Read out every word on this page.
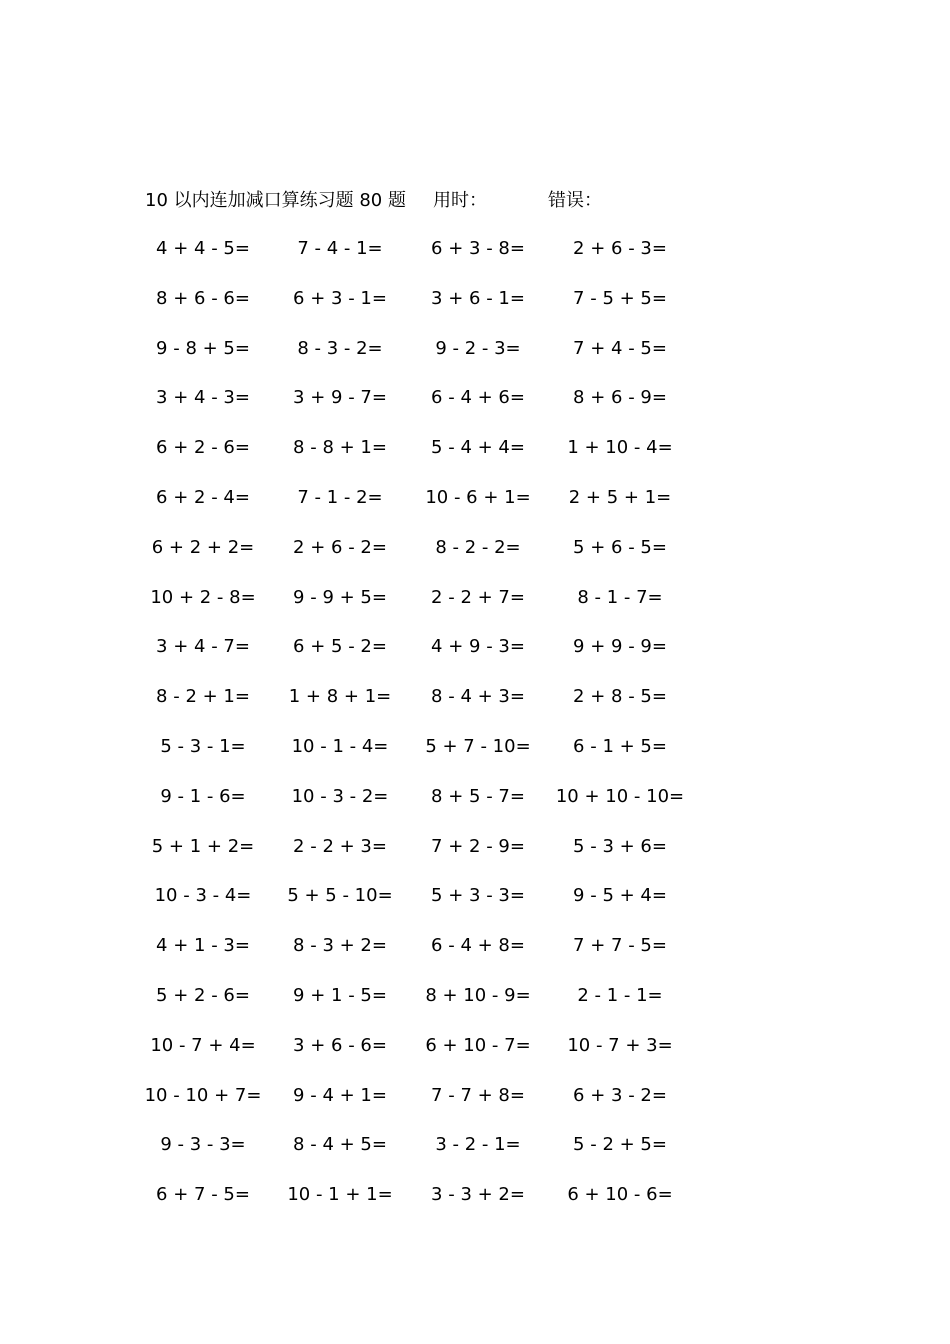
10 以内连加减口算练习题 80 题 用时：	错误：
4 + 4 - 5=	7 - 4 - 1=	6 + 3 - 8=	2 + 6 - 3=
8 + 6 - 6=	6 + 3 - 1=	3 + 6 - 1=	7 - 5 + 5=
9 - 8 + 5=	8 - 3 - 2=	9 - 2 - 3=	7 + 4 - 5=
3 + 4 - 3=	3 + 9 - 7=	6 - 4 + 6=	8 + 6 - 9=
6 + 2 - 6=	8 - 8 + 1=	5 - 4 + 4=	1 + 10 - 4=
6 + 2 - 4=	7 - 1 - 2=	10 - 6 + 1=	2 + 5 + 1=
6 + 2 + 2=	2 + 6 - 2=	8 - 2 - 2=	5 + 6 - 5=
10 + 2 - 8=	9 - 9 + 5=	2 - 2 + 7=	8 - 1 - 7=
3 + 4 - 7=	6 + 5 - 2=	4 + 9 - 3=	9 + 9 - 9=
8 - 2 + 1=	1 + 8 + 1=	8 - 4 + 3=	2 + 8 - 5=
5 - 3 - 1=	10 - 1 - 4=	5 + 7 - 10=	6 - 1 + 5=
9 - 1 - 6=	10 - 3 - 2=	8 + 5 - 7=	10 + 10 - 10=
5 + 1 + 2=	2 - 2 + 3=	7 + 2 - 9=	5 - 3 + 6=
10 - 3 - 4=	5 + 5 - 10=	5 + 3 - 3=	9 - 5 + 4=
4 + 1 - 3=	8 - 3 + 2=	6 - 4 + 8=	7 + 7 - 5=
5 + 2 - 6=	9 + 1 - 5=	8 + 10 - 9=	2 - 1 - 1=
10 - 7 + 4=	3 + 6 - 6=	6 + 10 - 7=	10 - 7 + 3=
10 - 10 + 7=	9 - 4 + 1=	7 - 7 + 8=	6 + 3 - 2=
9 - 3 - 3=	8 - 4 + 5=	3 - 2 - 1=	5 - 2 + 5=
6 + 7 - 5=	10 - 1 + 1=	3 - 3 + 2=	6 + 10 - 6=
